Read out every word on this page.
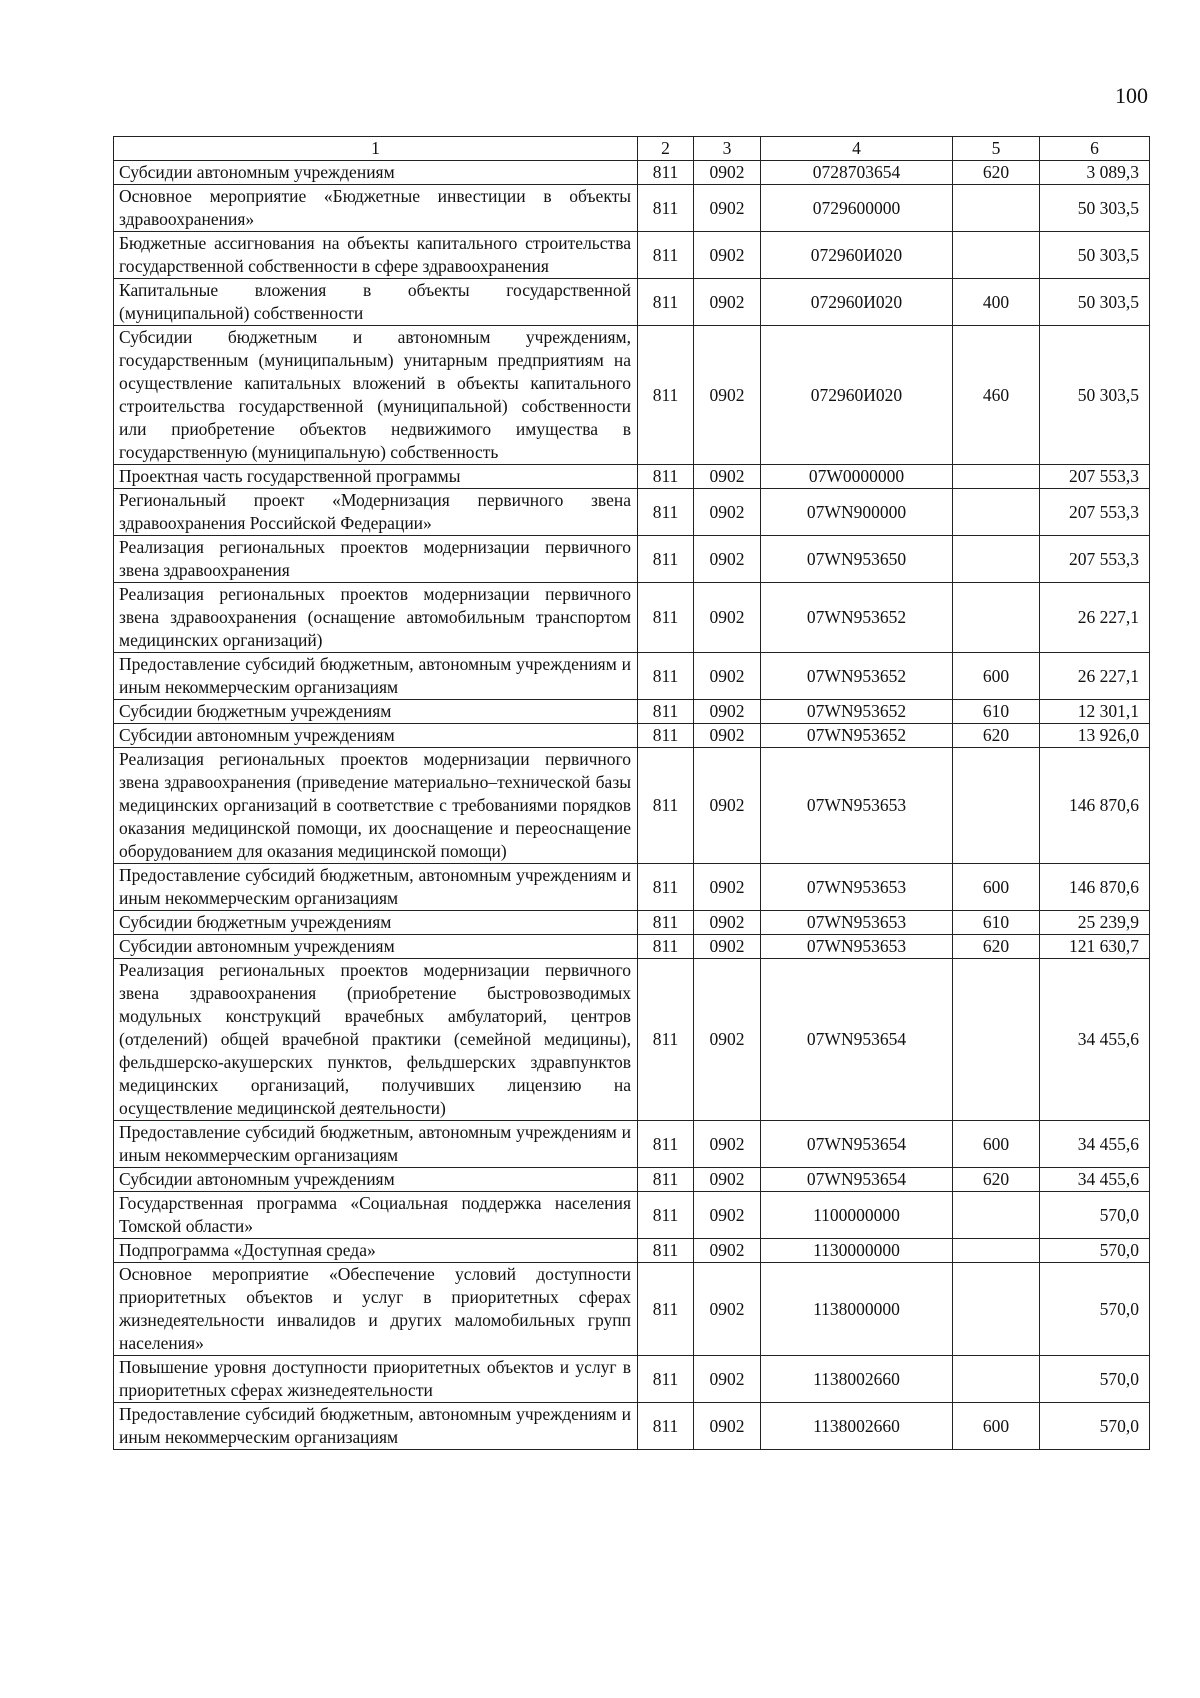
100
1	2	3	4	5	6
Субсидии автономным учреждениям	811	0902	0728703654	620	3 089,3
Основное мероприятие «Бюджетные инвестиции в объекты здравоохранения»	811	0902	0729600000		50 303,5
Бюджетные ассигнования на объекты капитального строительства государственной собственности в сфере здравоохранения	811	0902	072960И020		50 303,5
Капитальные вложения в объекты государственной (муниципальной) собственности	811	0902	072960И020	400	50 303,5
Субсидии бюджетным и автономным учреждениям, государственным (муниципальным) унитарным предприятиям на осуществление капитальных вложений в объекты капитального строительства государственной (муниципальной) собственности или приобретение объектов недвижимого имущества в государственную (муниципальную) собственность	811	0902	072960И020	460	50 303,5
Проектная часть государственной программы	811	0902	07W0000000		207 553,3
Региональный проект «Модернизация первичного звена здравоохранения Российской Федерации»	811	0902	07WN900000		207 553,3
Реализация региональных проектов модернизации первичного звена здравоохранения	811	0902	07WN953650		207 553,3
Реализация региональных проектов модернизации первичного звена здравоохранения (оснащение автомобильным транспортом медицинских организаций)	811	0902	07WN953652		26 227,1
Предоставление субсидий бюджетным, автономным учреждениям и иным некоммерческим организациям	811	0902	07WN953652	600	26 227,1
Субсидии бюджетным учреждениям	811	0902	07WN953652	610	12 301,1
Субсидии автономным учреждениям	811	0902	07WN953652	620	13 926,0
Реализация региональных проектов модернизации первичного звена здравоохранения (приведение материально–технической базы медицинских организаций в соответствие с требованиями порядков оказания медицинской помощи, их дооснащение и переоснащение оборудованием для оказания медицинской помощи)	811	0902	07WN953653		146 870,6
Предоставление субсидий бюджетным, автономным учреждениям и иным некоммерческим организациям	811	0902	07WN953653	600	146 870,6
Субсидии бюджетным учреждениям	811	0902	07WN953653	610	25 239,9
Субсидии автономным учреждениям	811	0902	07WN953653	620	121 630,7
Реализация региональных проектов модернизации первичного звена здравоохранения (приобретение быстровозводимых модульных конструкций врачебных амбулаторий, центров (отделений) общей врачебной практики (семейной медицины), фельдшерско-акушерских пунктов, фельдшерских здравпунктов медицинских организаций, получивших лицензию на осуществление медицинской деятельности)	811	0902	07WN953654		34 455,6
Предоставление субсидий бюджетным, автономным учреждениям и иным некоммерческим организациям	811	0902	07WN953654	600	34 455,6
Субсидии автономным учреждениям	811	0902	07WN953654	620	34 455,6
Государственная программа «Социальная поддержка населения Томской области»	811	0902	1100000000		570,0
Подпрограмма «Доступная среда»	811	0902	1130000000		570,0
Основное мероприятие «Обеспечение условий доступности приоритетных объектов и услуг в приоритетных сферах жизнедеятельности инвалидов и других маломобильных групп населения»	811	0902	1138000000		570,0
Повышение уровня доступности приоритетных объектов и услуг в приоритетных сферах жизнедеятельности	811	0902	1138002660		570,0
Предоставление субсидий бюджетным, автономным учреждениям и иным некоммерческим организациям	811	0902	1138002660	600	570,0
